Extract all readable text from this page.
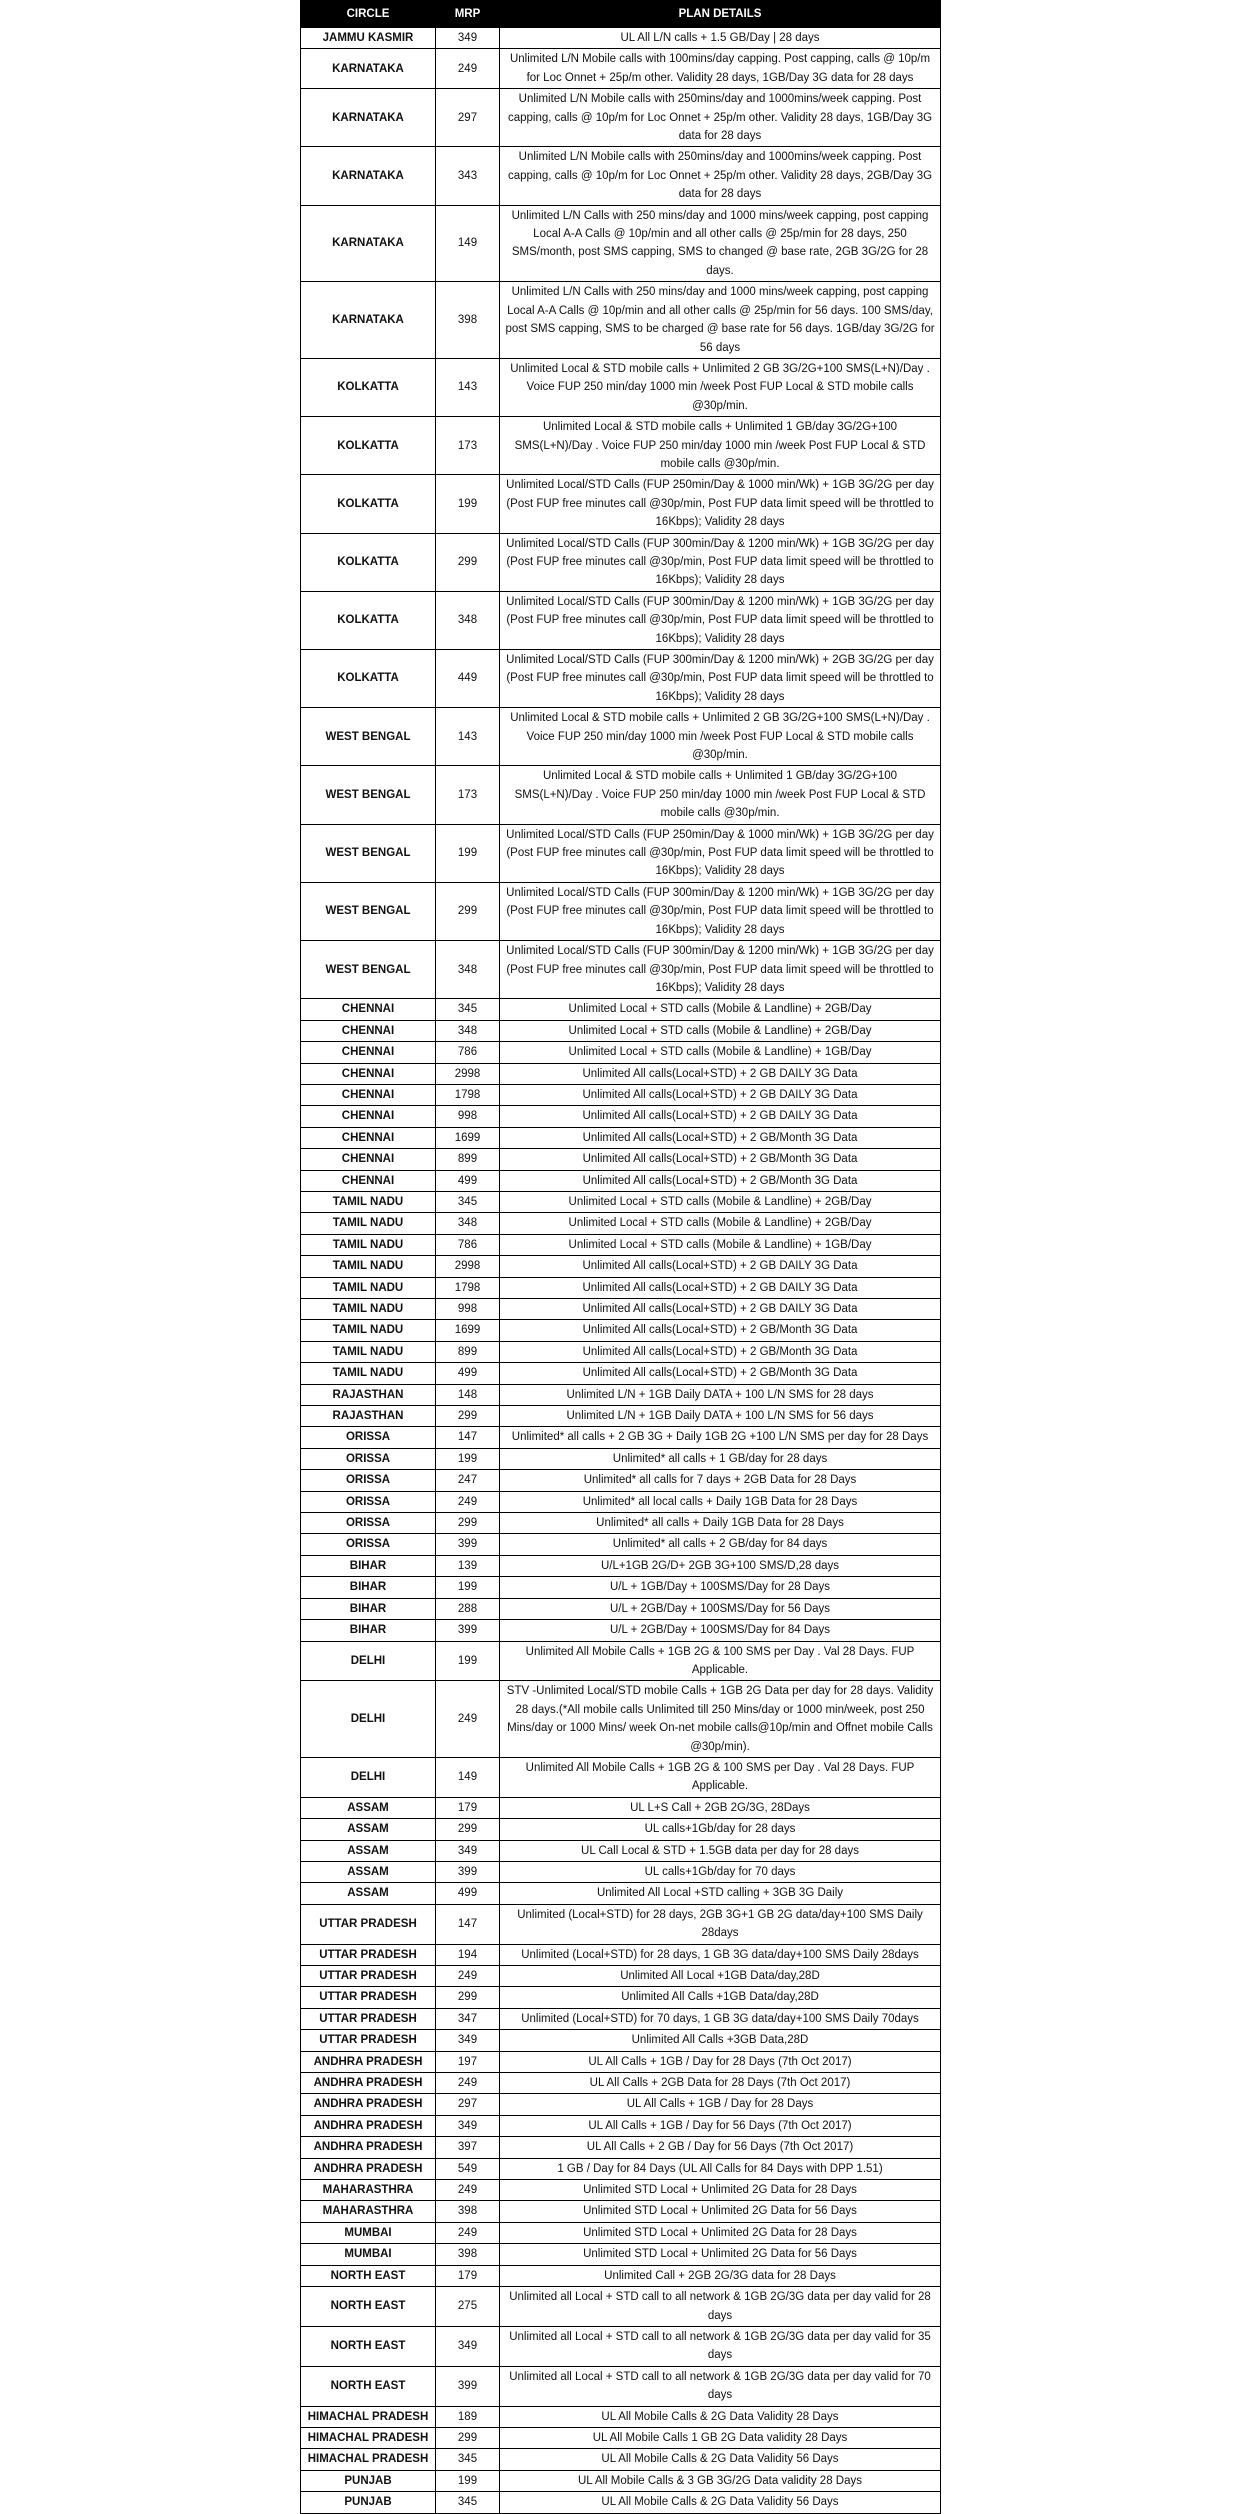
CIRCLE	MRP	PLAN DETAILS
JAMMU KASMIR	349	UL All L/N calls + 1.5 GB/Day | 28 days
KARNATAKA	249	Unlimited L/N Mobile calls with 100mins/day capping. Post capping, calls @ 10p/m for Loc Onnet + 25p/m other. Validity 28 days, 1GB/Day 3G data for 28 days
KARNATAKA	297	Unlimited L/N Mobile calls with 250mins/day and 1000mins/week capping. Post capping, calls @ 10p/m for Loc Onnet + 25p/m other. Validity 28 days, 1GB/Day 3G data for 28 days
KARNATAKA	343	Unlimited L/N Mobile calls with 250mins/day and 1000mins/week capping. Post capping, calls @ 10p/m for Loc Onnet + 25p/m other. Validity 28 days, 2GB/Day 3G data for 28 days
KARNATAKA	149	Unlimited L/N Calls with 250 mins/day and 1000 mins/week capping, post capping Local A-A Calls @ 10p/min and all other calls @ 25p/min for 28 days, 250 SMS/month, post SMS capping, SMS to changed @ base rate, 2GB 3G/2G for 28 days.
KARNATAKA	398	Unlimited L/N Calls with 250 mins/day and 1000 mins/week capping, post capping Local A-A Calls @ 10p/min and all other calls @ 25p/min for 56 days. 100 SMS/day, post SMS capping, SMS to be charged @ base rate for 56 days. 1GB/day 3G/2G for 56 days
KOLKATTA	143	Unlimited Local & STD mobile calls + Unlimited 2 GB 3G/2G+100 SMS(L+N)/Day . Voice FUP 250 min/day 1000 min /week Post FUP Local & STD mobile calls @30p/min.
KOLKATTA	173	Unlimited Local & STD mobile calls + Unlimited 1 GB/day 3G/2G+100 SMS(L+N)/Day . Voice FUP 250 min/day 1000 min /week Post FUP Local & STD mobile calls @30p/min.
KOLKATTA	199	Unlimited Local/STD Calls (FUP 250min/Day & 1000 min/Wk) + 1GB 3G/2G per day (Post FUP free minutes call @30p/min, Post FUP data limit speed will be throttled to 16Kbps); Validity 28 days
KOLKATTA	299	Unlimited Local/STD Calls (FUP 300min/Day & 1200 min/Wk) + 1GB 3G/2G per day (Post FUP free minutes call @30p/min, Post FUP data limit speed will be throttled to 16Kbps); Validity 28 days
KOLKATTA	348	Unlimited Local/STD Calls (FUP 300min/Day & 1200 min/Wk) + 1GB 3G/2G per day (Post FUP free minutes call @30p/min, Post FUP data limit speed will be throttled to 16Kbps); Validity 28 days
KOLKATTA	449	Unlimited Local/STD Calls (FUP 300min/Day & 1200 min/Wk) + 2GB 3G/2G per day (Post FUP free minutes call @30p/min, Post FUP data limit speed will be throttled to 16Kbps); Validity 28 days
WEST BENGAL	143	Unlimited Local & STD mobile calls + Unlimited 2 GB 3G/2G+100 SMS(L+N)/Day . Voice FUP 250 min/day 1000 min /week Post FUP Local & STD mobile calls @30p/min.
WEST BENGAL	173	Unlimited Local & STD mobile calls + Unlimited 1 GB/day 3G/2G+100 SMS(L+N)/Day . Voice FUP 250 min/day 1000 min /week Post FUP Local & STD mobile calls @30p/min.
WEST BENGAL	199	Unlimited Local/STD Calls (FUP 250min/Day & 1000 min/Wk) + 1GB 3G/2G per day (Post FUP free minutes call @30p/min, Post FUP data limit speed will be throttled to 16Kbps); Validity 28 days
WEST BENGAL	299	Unlimited Local/STD Calls (FUP 300min/Day & 1200 min/Wk) + 1GB 3G/2G per day (Post FUP free minutes call @30p/min, Post FUP data limit speed will be throttled to 16Kbps); Validity 28 days
WEST BENGAL	348	Unlimited Local/STD Calls (FUP 300min/Day & 1200 min/Wk) + 1GB 3G/2G per day (Post FUP free minutes call @30p/min, Post FUP data limit speed will be throttled to 16Kbps); Validity 28 days
CHENNAI	345	Unlimited Local + STD calls (Mobile & Landline) + 2GB/Day
CHENNAI	348	Unlimited Local + STD calls (Mobile & Landline) + 2GB/Day
CHENNAI	786	Unlimited Local + STD calls (Mobile & Landline) + 1GB/Day
CHENNAI	2998	Unlimited All calls(Local+STD) + 2 GB DAILY 3G Data
CHENNAI	1798	Unlimited All calls(Local+STD) + 2 GB DAILY 3G Data
CHENNAI	998	Unlimited All calls(Local+STD) + 2 GB DAILY 3G Data
CHENNAI	1699	Unlimited All calls(Local+STD) + 2 GB/Month 3G Data
CHENNAI	899	Unlimited All calls(Local+STD) + 2 GB/Month 3G Data
CHENNAI	499	Unlimited All calls(Local+STD) + 2 GB/Month 3G Data
TAMIL NADU	345	Unlimited Local + STD calls (Mobile & Landline) + 2GB/Day
TAMIL NADU	348	Unlimited Local + STD calls (Mobile & Landline) + 2GB/Day
TAMIL NADU	786	Unlimited Local + STD calls (Mobile & Landline) + 1GB/Day
TAMIL NADU	2998	Unlimited All calls(Local+STD) + 2 GB DAILY 3G Data
TAMIL NADU	1798	Unlimited All calls(Local+STD) + 2 GB DAILY 3G Data
TAMIL NADU	998	Unlimited All calls(Local+STD) + 2 GB DAILY 3G Data
TAMIL NADU	1699	Unlimited All calls(Local+STD) + 2 GB/Month 3G Data
TAMIL NADU	899	Unlimited All calls(Local+STD) + 2 GB/Month 3G Data
TAMIL NADU	499	Unlimited All calls(Local+STD) + 2 GB/Month 3G Data
RAJASTHAN	148	Unlimited L/N + 1GB Daily DATA + 100 L/N SMS for 28 days
RAJASTHAN	299	Unlimited L/N + 1GB Daily DATA + 100 L/N SMS for 56 days
ORISSA	147	Unlimited* all calls + 2 GB 3G + Daily 1GB 2G +100 L/N SMS per day for 28 Days
ORISSA	199	Unlimited* all calls + 1 GB/day for 28 days
ORISSA	247	Unlimited* all calls for 7 days + 2GB Data for 28 Days
ORISSA	249	Unlimited* all local calls + Daily 1GB Data for 28 Days
ORISSA	299	Unlimited* all calls + Daily 1GB Data for 28 Days
ORISSA	399	Unlimited* all calls + 2 GB/day for 84 days
BIHAR	139	U/L+1GB 2G/D+ 2GB 3G+100 SMS/D,28 days
BIHAR	199	U/L + 1GB/Day + 100SMS/Day for 28 Days
BIHAR	288	U/L + 2GB/Day + 100SMS/Day for 56 Days
BIHAR	399	U/L + 2GB/Day + 100SMS/Day for 84 Days
DELHI	199	Unlimited All Mobile Calls + 1GB 2G & 100 SMS per Day . Val 28 Days. FUP Applicable.
DELHI	249	STV -Unlimited Local/STD mobile Calls + 1GB 2G Data per day for 28 days. Validity 28 days.(*All mobile calls Unlimited till 250 Mins/day or 1000 min/week, post 250 Mins/day or 1000 Mins/ week On-net mobile calls@10p/min and Offnet mobile Calls @30p/min).
DELHI	149	Unlimited All Mobile Calls + 1GB 2G & 100 SMS per Day . Val 28 Days. FUP Applicable.
ASSAM	179	UL L+S Call + 2GB 2G/3G, 28Days
ASSAM	299	UL calls+1Gb/day for 28 days
ASSAM	349	UL Call Local & STD + 1.5GB data per day for 28 days
ASSAM	399	UL calls+1Gb/day for 70 days
ASSAM	499	Unlimited All Local +STD calling + 3GB 3G Daily
UTTAR PRADESH	147	Unlimited (Local+STD) for 28 days, 2GB 3G+1 GB 2G data/day+100 SMS Daily 28days
UTTAR PRADESH	194	Unlimited (Local+STD) for 28 days, 1 GB 3G data/day+100 SMS Daily 28days
UTTAR PRADESH	249	Unlimited All Local +1GB Data/day,28D
UTTAR PRADESH	299	Unlimited All Calls +1GB Data/day,28D
UTTAR PRADESH	347	Unlimited (Local+STD) for 70 days, 1 GB 3G data/day+100 SMS Daily 70days
UTTAR PRADESH	349	Unlimited All Calls +3GB Data,28D
ANDHRA PRADESH	197	UL All Calls + 1GB / Day for 28 Days (7th Oct 2017)
ANDHRA PRADESH	249	UL All Calls + 2GB Data for 28 Days (7th Oct 2017)
ANDHRA PRADESH	297	UL All Calls + 1GB / Day for 28 Days
ANDHRA PRADESH	349	UL All Calls + 1GB / Day for 56 Days (7th Oct 2017)
ANDHRA PRADESH	397	UL All Calls + 2 GB / Day for 56 Days (7th Oct 2017)
ANDHRA PRADESH	549	1 GB / Day for 84 Days (UL All Calls for 84 Days with DPP 1.51)
MAHARASTHRA	249	Unlimited STD Local + Unlimited 2G Data for 28 Days
MAHARASTHRA	398	Unlimited STD Local + Unlimited 2G Data for 56 Days
MUMBAI	249	Unlimited STD Local + Unlimited 2G Data for 28 Days
MUMBAI	398	Unlimited STD Local + Unlimited 2G Data for 56 Days
NORTH EAST	179	Unlimited Call + 2GB 2G/3G data for 28 Days
NORTH EAST	275	Unlimited all Local + STD call to all network & 1GB 2G/3G data per day valid for 28 days
NORTH EAST	349	Unlimited all Local + STD call to all network & 1GB 2G/3G data per day valid for 35 days
NORTH EAST	399	Unlimited all Local + STD call to all network & 1GB 2G/3G data per day valid for 70 days
HIMACHAL PRADESH	189	UL All Mobile Calls & 2G Data Validity 28 Days
HIMACHAL PRADESH	299	UL All Mobile Calls 1 GB 2G Data validity 28 Days
HIMACHAL PRADESH	345	UL All Mobile Calls & 2G Data Validity 56 Days
PUNJAB	199	UL All Mobile Calls & 3 GB 3G/2G Data validity 28 Days
PUNJAB	345	UL All Mobile Calls & 2G Data Validity 56 Days
